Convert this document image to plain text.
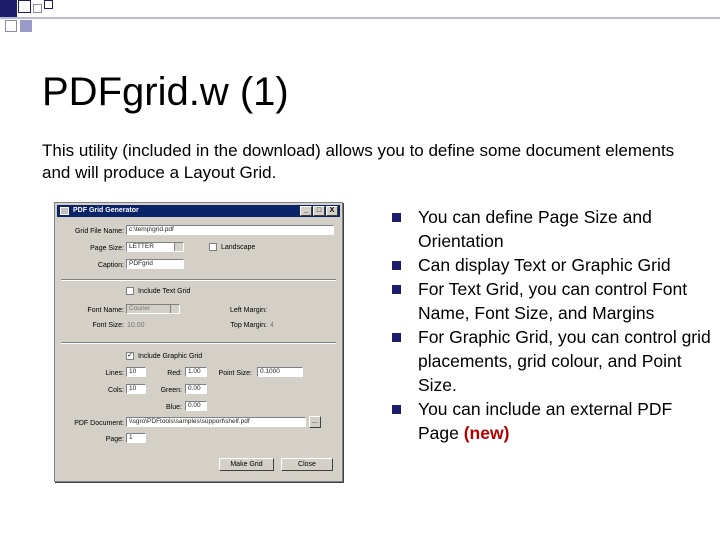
PDFgrid.w (1)

This utility (included in the download) allows you to define some document elements and will produce a Layout Grid.

PDF Grid Generator	_	□	X
Grid File Name: c:\temp\grid.pdf
Page Size: LETTER	Landscape
Caption: PDFgrid
Include Text Grid
Font Name: Courier	Left Margin:
Font Size: 10.00	Top Margin: 4
✓ Include Graphic Grid
Lines: 10	Red: 1.00	Point Size:	0.1000
Cols: 10	Green: 0.00
Blue: 0.00
PDF Document: \\sgro\PDFtools\samples\support\shelf.pdf	...
Page: 1
Make Grid	Close
You can define Page Size and Orientation
Can display Text or Graphic Grid
For Text Grid, you can control Font Name, Font Size, and Margins
For Graphic Grid, you can control grid placements, grid colour, and Point Size.
You can include an external PDF Page (new)
